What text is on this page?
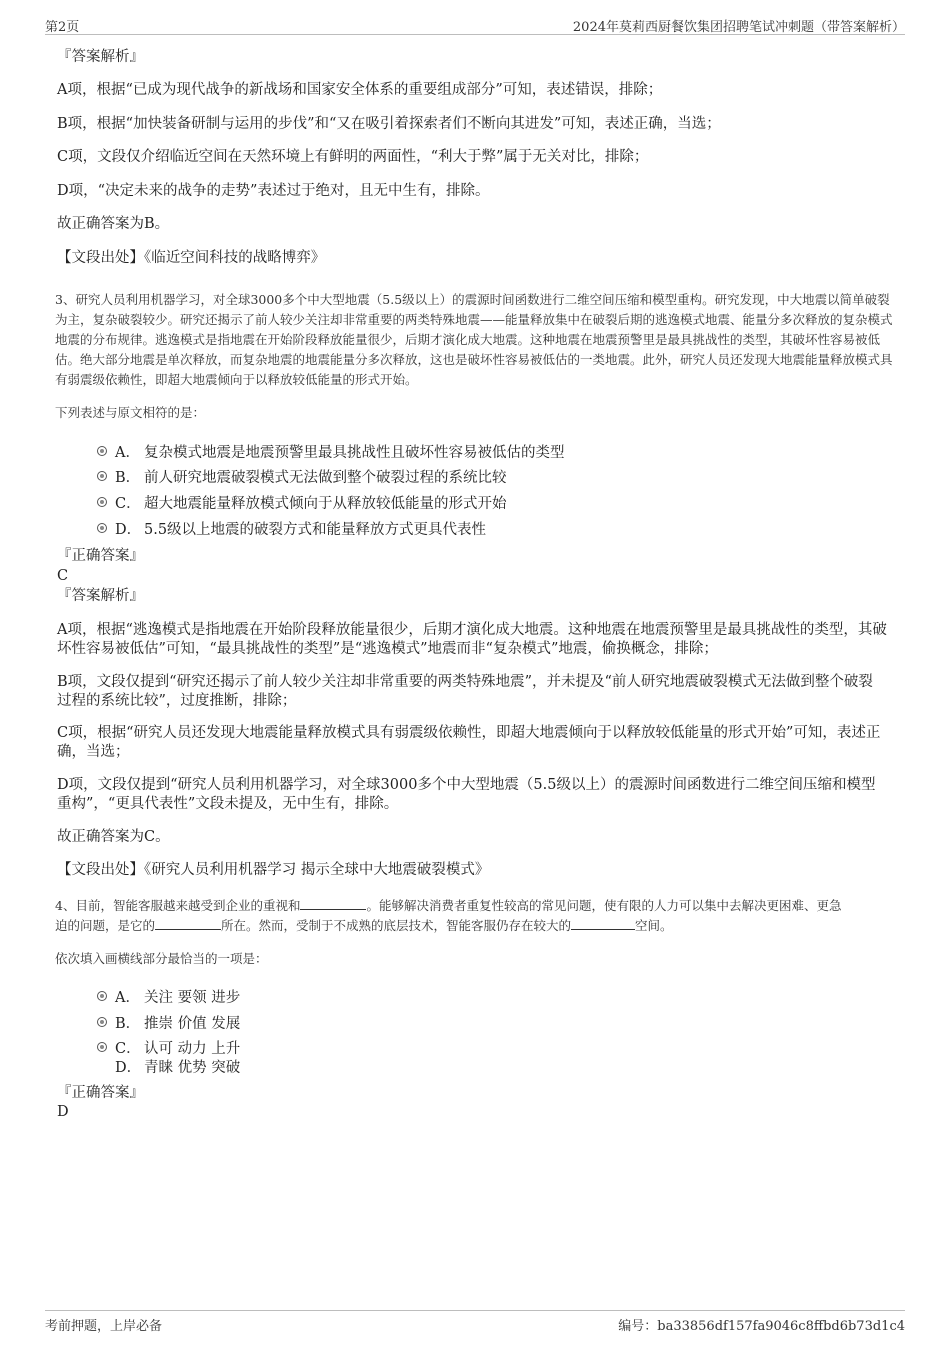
第2页	2024年莫莉西厨餐饮集团招聘笔试冲刺题（带答案解析）
『答案解析』
A项，根据“已成为现代战争的新战场和国家安全体系的重要组成部分”可知，表述错误，排除；
B项，根据“加快装备研制与运用的步伐”和“又在吸引着探索者们不断向其进发”可知，表述正确，当选；
C项，文段仅介绍临近空间在天然环境上有鲜明的两面性，“利大于弊”属于无关对比，排除；
D项，“决定未来的战争的走势”表述过于绝对，且无中生有，排除。
故正确答案为B。
【文段出处】《临近空间科技的战略博弈》
3、研究人员利用机器学习，对全球3000多个中大型地震（5.5级以上）的震源时间函数进行二维空间压缩和模型重构。研究发现，中大地震以简单破裂为主，复杂破裂较少。研究还揭示了前人较少关注却非常重要的两类特殊地震——能量释放集中在破裂后期的逃逸模式地震、能量分多次释放的复杂模式地震的分布规律。逃逸模式是指地震在开始阶段释放能量很少，后期才演化成大地震。这种地震在地震预警里是最具挑战性的类型，其破坏性容易被低估。绝大部分地震是单次释放，而复杂地震的地震能量分多次释放，这也是破坏性容易被低估的一类地震。此外，研究人员还发现大地震能量释放模式具有弱震级依赖性，即超大地震倾向于以释放较低能量的形式开始。
下列表述与原文相符的是：
A． 复杂模式地震是地震预警里最具挑战性且破坏性容易被低估的类型
B． 前人研究地震破裂模式无法做到整个破裂过程的系统比较
C． 超大地震能量释放模式倾向于从释放较低能量的形式开始
D． 5.5级以上地震的破裂方式和能量释放方式更具代表性
『正确答案』
C
『答案解析』
A项，根据“逃逸模式是指地震在开始阶段释放能量很少，后期才演化成大地震。这种地震在地震预警里是最具挑战性的类型，其破坏性容易被低估”可知，“最具挑战性的类型”是“逃逸模式”地震而非“复杂模式”地震，偷换概念，排除；
B项，文段仅提到“研究还揭示了前人较少关注却非常重要的两类特殊地震”，并未提及“前人研究地震破裂模式无法做到整个破裂过程的系统比较”，过度推断，排除；
C项，根据“研究人员还发现大地震能量释放模式具有弱震级依赖性，即超大地震倾向于以释放较低能量的形式开始”可知，表述正确，当选；
D项，文段仅提到“研究人员利用机器学习，对全球3000多个中大型地震（5.5级以上）的震源时间函数进行二维空间压缩和模型重构”，“更具代表性”文段未提及，无中生有，排除。
故正确答案为C。
【文段出处】《研究人员利用机器学习 揭示全球中大地震破裂模式》
4、目前，智能客服越来越受到企业的重视和	。能够解决消费者重复性较高的常见问题，使有限的人力可以集中去解决更困难、更急
迫的问题，是它的	所在。然而，受制于不成熟的底层技术，智能客服仍存在较大的	空间。
依次填入画横线部分最恰当的一项是：
A． 关注 要领 进步
B． 推崇 价值 发展
C． 认可 动力 上升
D． 青睐 优势 突破
『正确答案』
D
考前押题，上岸必备	编号：ba33856df157fa9046c8ffbd6b73d1c4
